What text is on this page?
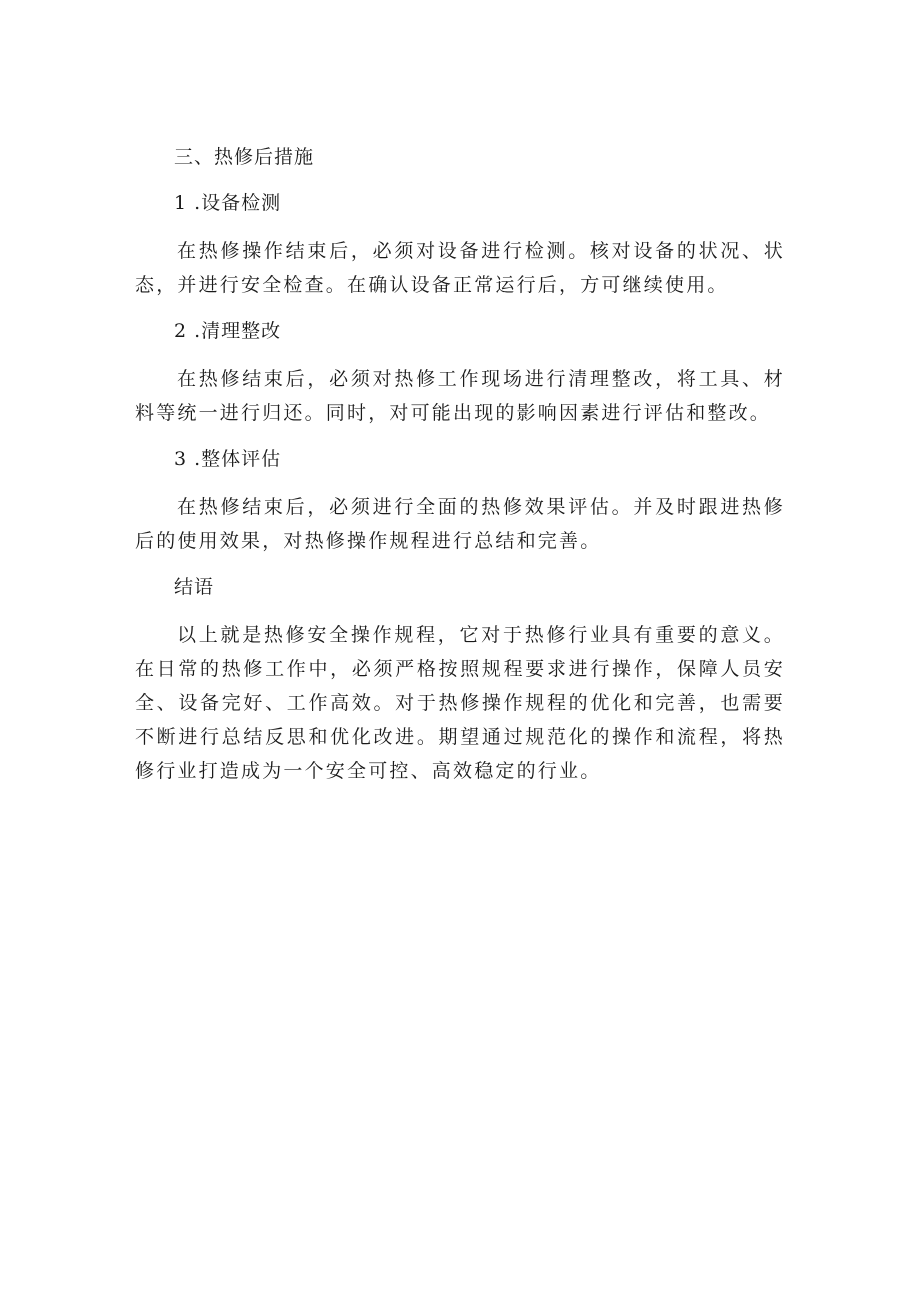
三、热修后措施

1 .设备检测

在热修操作结束后，必须对设备进行检测。核对设备的状况、状态，并进行安全检查。在确认设备正常运行后，方可继续使用。

2 .清理整改

在热修结束后，必须对热修工作现场进行清理整改，将工具、材料等统一进行归还。同时，对可能出现的影响因素进行评估和整改。

3 .整体评估

在热修结束后，必须进行全面的热修效果评估。并及时跟进热修后的使用效果，对热修操作规程进行总结和完善。

结语

以上就是热修安全操作规程，它对于热修行业具有重要的意义。在日常的热修工作中，必须严格按照规程要求进行操作，保障人员安全、设备完好、工作高效。对于热修操作规程的优化和完善，也需要不断进行总结反思和优化改进。期望通过规范化的操作和流程，将热修行业打造成为一个安全可控、高效稳定的行业。
